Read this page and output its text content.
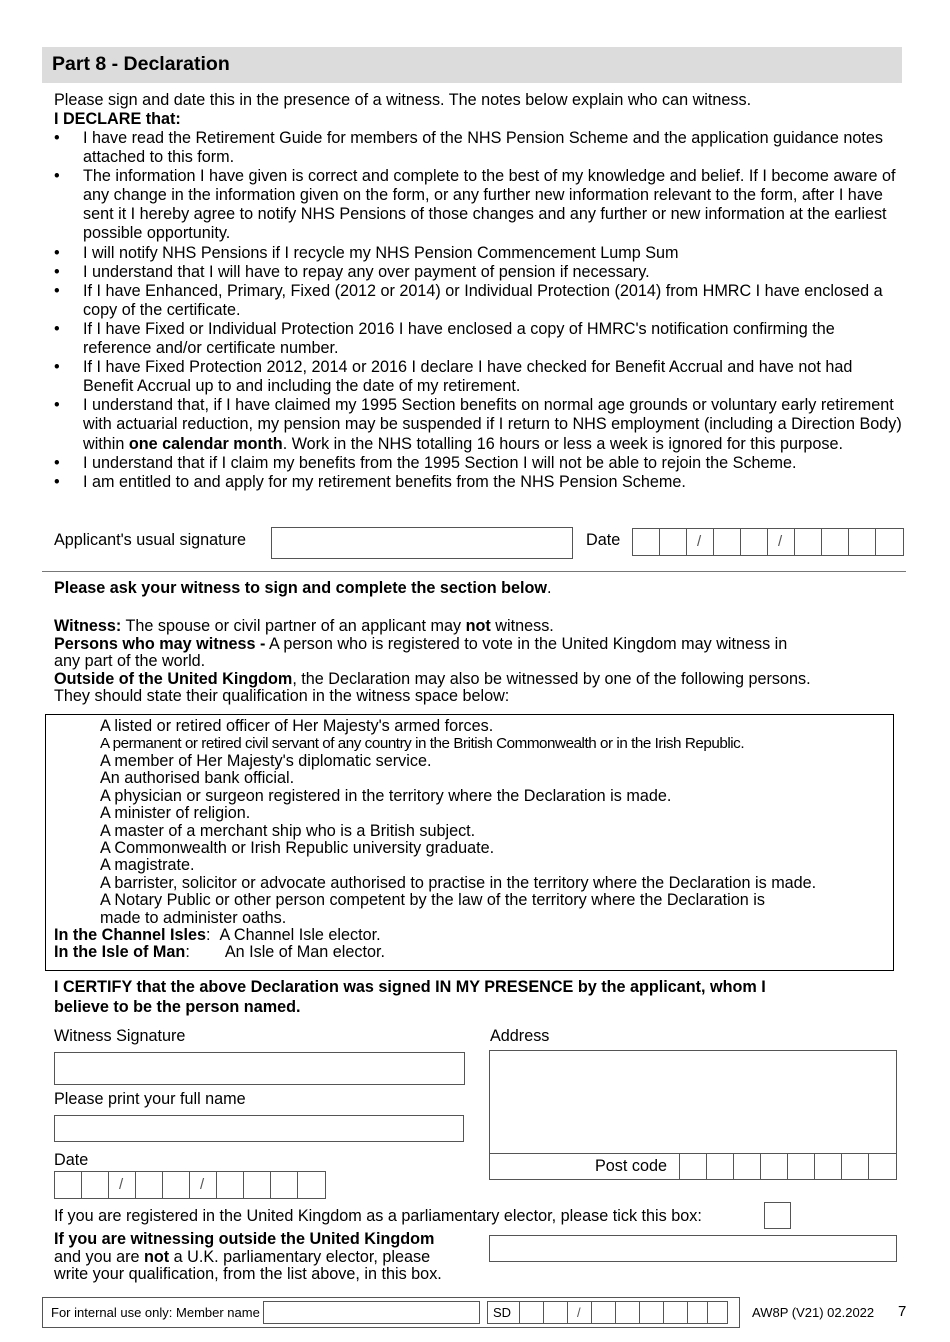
Part 8 - Declaration
Please sign and date this in the presence of a witness. The notes below explain who can witness.
I DECLARE that:
• I have read the Retirement Guide for members of the NHS Pension Scheme and the application guidance notes attached to this form.
• The information I have given is correct and complete to the best of my knowledge and belief. If I become aware of any change in the information given on the form, or any further new information relevant to the form, after I have sent it I hereby agree to notify NHS Pensions of those changes and any further or new information at the earliest possible opportunity.
• I will notify NHS Pensions if I recycle my NHS Pension Commencement Lump Sum
• I understand that I will have to repay any over payment of pension if necessary.
• If I have Enhanced, Primary, Fixed (2012 or 2014) or Individual Protection (2014) from HMRC I have enclosed a copy of the certificate.
• If I have Fixed or Individual Protection 2016 I have enclosed a copy of HMRC's notification confirming the reference and/or certificate number.
• If I have Fixed Protection 2012, 2014 or 2016 I declare I have checked for Benefit Accrual and have not had Benefit Accrual up to and including the date of my retirement.
• I understand that, if I have claimed my 1995 Section benefits on normal age grounds or voluntary early retirement with actuarial reduction, my pension may be suspended if I return to NHS employment (including a Direction Body) within one calendar month. Work in the NHS totalling 16 hours or less a week is ignored for this purpose.
• I understand that if I claim my benefits from the 1995 Section I will not be able to rejoin the Scheme.
• I am entitled to and apply for my retirement benefits from the NHS Pension Scheme.
Applicant's usual signature	Date	/	/
Please ask your witness to sign and complete the section below.
Witness: The spouse or civil partner of an applicant may not witness.
Persons who may witness - A person who is registered to vote in the United Kingdom may witness in
any part of the world.
Outside of the United Kingdom, the Declaration may also be witnessed by one of the following persons.
They should state their qualification in the witness space below:
A listed or retired officer of Her Majesty's armed forces.
A permanent or retired civil servant of any country in the British Commonwealth or in the Irish Republic.
A member of Her Majesty's diplomatic service.
An authorised bank official.
A physician or surgeon registered in the territory where the Declaration is made.
A minister of religion.
A master of a merchant ship who is a British subject.
A Commonwealth or Irish Republic university graduate.
A magistrate.
A barrister, solicitor or advocate authorised to practise in the territory where the Declaration is made.
A Notary Public or other person competent by the law of the territory where the Declaration is
made to administer oaths.
In the Channel Isles: A Channel Isle elector.
In the Isle of Man: An Isle of Man elector.
I CERTIFY that the above Declaration was signed IN MY PRESENCE by the applicant, whom I
believe to be the person named.
Witness Signature	Address
Please print your full name
Post code
Date
/	/
If you are registered in the United Kingdom as a parliamentary elector, please tick this box:
If you are witnessing outside the United Kingdom
and you are not a U.K. parliamentary elector, please
write your qualification, from the list above, in this box.
For internal use only: Member name	SD	/	AW8P (V21) 02.2022 7
